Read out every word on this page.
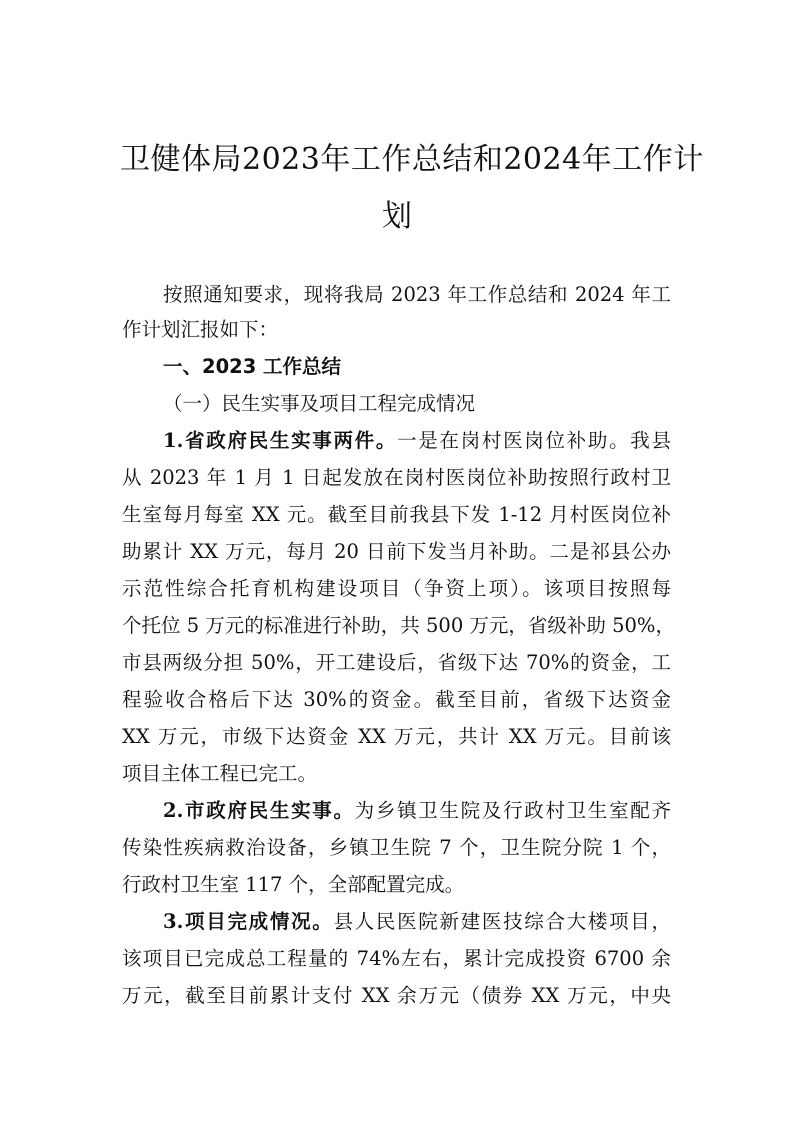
卫健体局2023年工作总结和2024年工作计
划

按照通知要求，现将我局 2023 年工作总结和 2024 年工

作计划汇报如下：

一、2023 工作总结

（一）民生实事及项目工程完成情况

1.省政府民生实事两件。一是在岗村医岗位补助。我县

从 2023 年 1 月 1 日起发放在岗村医岗位补助按照行政村卫

生室每月每室 XX 元。截至目前我县下发 1-12 月村医岗位补

助累计 XX 万元，每月 20 日前下发当月补助。二是祁县公办

示范性综合托育机构建设项目（争资上项）。该项目按照每

个托位 5 万元的标准进行补助，共 500 万元，省级补助 50%，

市县两级分担 50%，开工建设后，省级下达 70%的资金，工

程验收合格后下达 30%的资金。截至目前，省级下达资金

XX 万元，市级下达资金 XX 万元，共计 XX 万元。目前该

项目主体工程已完工。

2.市政府民生实事。为乡镇卫生院及行政村卫生室配齐

传染性疾病救治设备，乡镇卫生院 7 个，卫生院分院 1 个，

行政村卫生室 117 个，全部配置完成。

3.项目完成情况。县人民医院新建医技综合大楼项目，

该项目已完成总工程量的 74%左右，累计完成投资 6700 余

万元，截至目前累计支付 XX 余万元（债券 XX 万元，中央
